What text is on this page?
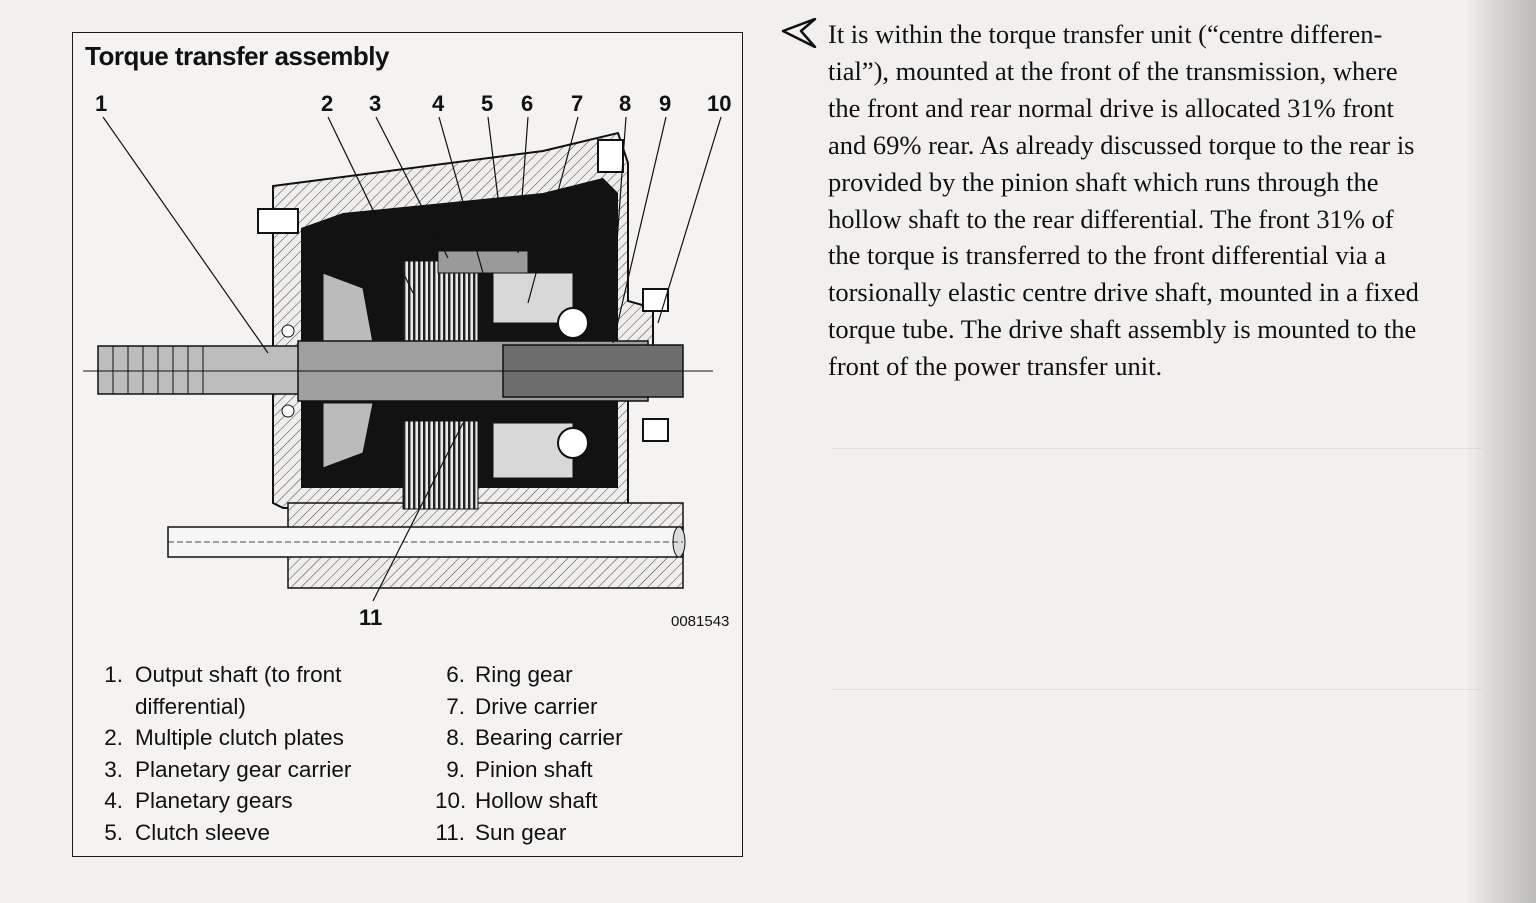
Torque transfer assembly
1	2 3 4 5 6 7 8 9 10
11	0081543
1. Output shaft (to front differential)
2. Multiple clutch plates
3. Planetary gear carrier
4. Planetary gears
5. Clutch sleeve
6. Ring gear
7. Drive carrier
8. Bearing carrier
9. Pinion shaft
10. Hollow shaft
11. Sun gear

It is within the torque transfer unit (“centre differen-
tial”), mounted at the front of the transmission, where
the front and rear normal drive is allocated 31% front
and 69% rear. As already discussed torque to the rear is
provided by the pinion shaft which runs through the
hollow shaft to the rear differential. The front 31% of
the torque is transferred to the front differential via a
torsionally elastic centre drive shaft, mounted in a fixed
torque tube. The drive shaft assembly is mounted to the
front of the power transfer unit.
